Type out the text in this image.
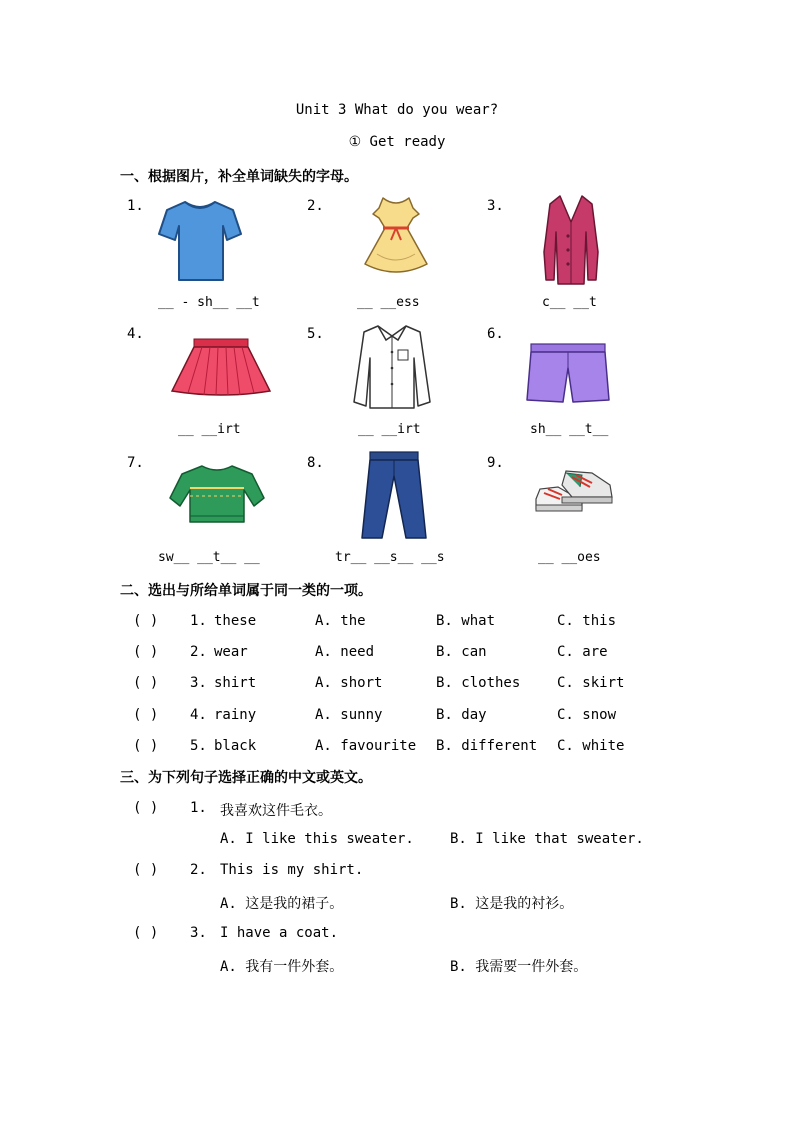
Unit 3 What do you wear?
① Get ready
一、根据图片，补全单词缺失的字母。
1.	2.	3.
__ - sh__ __t	__ __ess	c__ __t
4.	5.	6.
__ __irt	__ __irt	sh__ __t__
7.	8.	9.
sw__ __t__ __	tr__ __s__ __s	__ __oes
二、选出与所给单词属于同一类的一项。
( ) 1. these	A. the	B. what	C. this
( ) 2. wear	A. need	B. can	C. are
( ) 3. shirt	A. short	B. clothes	C. skirt
( ) 4. rainy	A. sunny	B. day	C. snow
( ) 5. black	A. favourite B. different C. white
三、为下列句子选择正确的中文或英文。
( ) 1. 我喜欢这件毛衣。
A. I like this sweater.	B. I like that sweater.
( ) 2. This is my shirt.
A. 这是我的裙子。	B. 这是我的衬衫。
( ) 3. I have a coat.
A. 我有一件外套。	B. 我需要一件外套。
